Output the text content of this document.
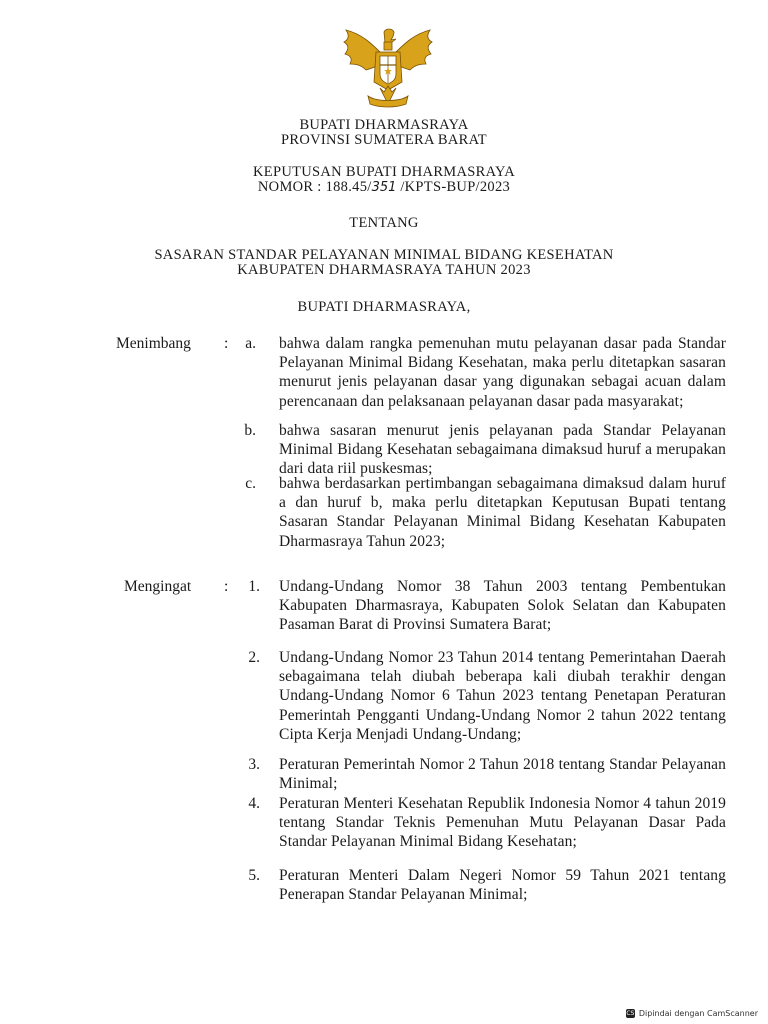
BUPATI DHARMASRAYA
PROVINSI SUMATERA BARAT
KEPUTUSAN BUPATI DHARMASRAYA
NOMOR : 188.45/351 /KPTS-BUP/2023
TENTANG
SASARAN STANDAR PELAYANAN MINIMAL BIDANG KESEHATAN
KABUPATEN DHARMASRAYA TAHUN 2023
BUPATI DHARMASRAYA,
Menimbang :	a. bahwa dalam rangka pemenuhan mutu pelayanan dasar pada Standar Pelayanan Minimal Bidang Kesehatan, maka perlu ditetapkan sasaran menurut jenis pelayanan dasar yang digunakan sebagai acuan dalam perencanaan dan pelaksanaan pelayanan dasar pada masyarakat;
b. bahwa sasaran menurut jenis pelayanan pada Standar Pelayanan Minimal Bidang Kesehatan sebagaimana dimaksud huruf a merupakan dari data riil puskesmas;
c. bahwa berdasarkan pertimbangan sebagaimana dimaksud dalam huruf a dan huruf b, maka perlu ditetapkan Keputusan Bupati tentang Sasaran Standar Pelayanan Minimal Bidang Kesehatan Kabupaten Dharmasraya Tahun 2023;
Mengingat :	1. Undang-Undang Nomor 38 Tahun 2003 tentang Pembentukan Kabupaten Dharmasraya, Kabupaten Solok Selatan dan Kabupaten Pasaman Barat di Provinsi Sumatera Barat;
2. Undang-Undang Nomor 23 Tahun 2014 tentang Pemerintahan Daerah sebagaimana telah diubah beberapa kali diubah terakhir dengan Undang-Undang Nomor 6 Tahun 2023 tentang Penetapan Peraturan Pemerintah Pengganti Undang-Undang Nomor 2 tahun 2022 tentang Cipta Kerja Menjadi Undang-Undang;
3. Peraturan Pemerintah Nomor 2 Tahun 2018 tentang Standar Pelayanan Minimal;
4. Peraturan Menteri Kesehatan Republik Indonesia Nomor 4 tahun 2019 tentang Standar Teknis Pemenuhan Mutu Pelayanan Dasar Pada Standar Pelayanan Minimal Bidang Kesehatan;
5. Peraturan Menteri Dalam Negeri Nomor 59 Tahun 2021 tentang Penerapan Standar Pelayanan Minimal;
CS Dipindai dengan CamScanner
